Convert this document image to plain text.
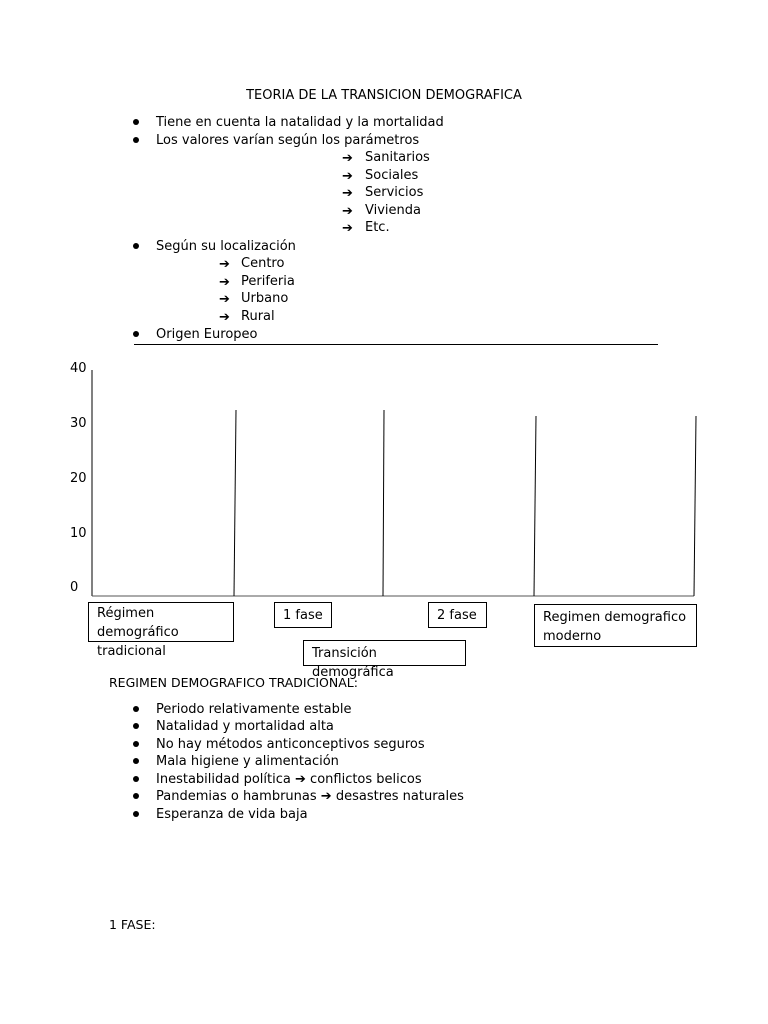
TEORIA DE LA TRANSICION DEMOGRAFICA
Tiene en cuenta la natalidad y la mortalidad
Los valores varían según los parámetros
➔ Sanitarios
➔ Sociales
➔ Servicios
➔ Vivienda
➔ Etc.
Según su localización
➔ Centro
➔ Periferia
➔ Urbano
➔ Rural
Origen Europeo
40
30
20
10
0
Régimen demográfico
tradicional
1 fase	2 fase	Regimen demografico
moderno
Transición demográfica
REGIMEN DEMOGRAFICO TRADICIONAL:
Periodo relativamente estable
Natalidad y mortalidad alta
No hay métodos anticonceptivos seguros
Mala higiene y alimentación
Inestabilidad política ➔ conflictos belicos
Pandemias o hambrunas ➔ desastres naturales
Esperanza de vida baja
1 FASE:
